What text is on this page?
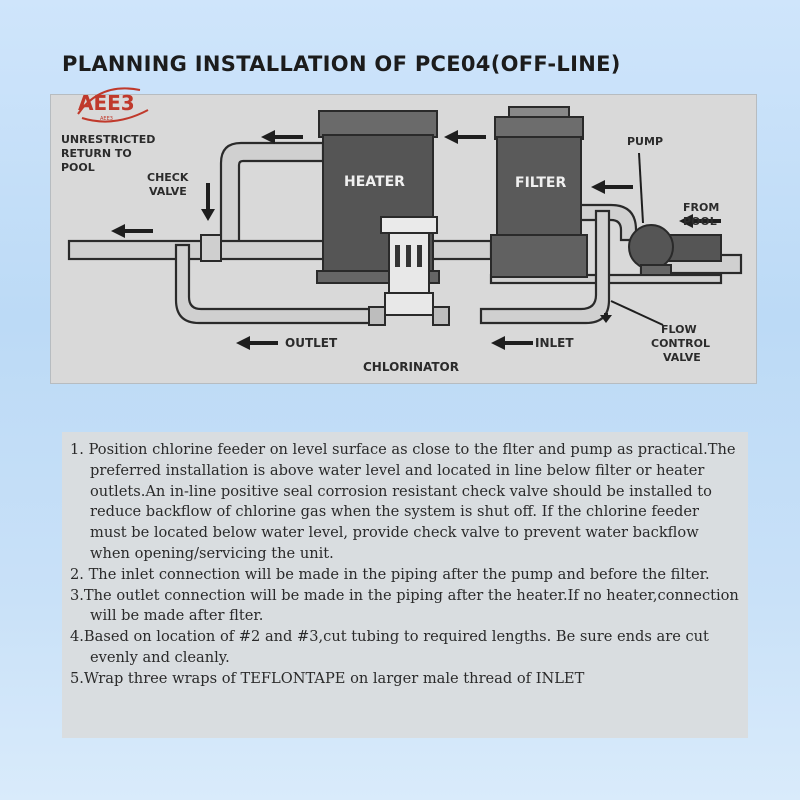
PLANNING INSTALLATION OF PCE04(OFF-LINE)
HEATER	FILTER
UNRESTRICTED RETURN TO POOL
CHECK VALVE
PUMP
FROM POOL
OUTLET	INLET
CHLORINATOR
FLOW CONTROL VALVE
AEE3
AEE3
1. Position chlorine feeder on level surface as close to the flter and pump as practical.The preferred installation is above water level and located in line below filter or heater outlets.An in-line positive seal corrosion resistant check valve should be installed to reduce backflow of chlorine gas when the system is shut off. If the chlorine feeder must be located below water level, provide check valve to prevent water backflow when opening/servicing the unit.
2. The inlet connection will be made in the piping after the pump and before the filter.
3.The outlet connection will be made in the piping after the heater.If no heater,connection will be made after flter.
4.Based on location of #2 and #3,cut tubing to required lengths. Be sure ends are cut evenly and cleanly.
5.Wrap three wraps of TEFLONTAPE on larger male thread of INLET
